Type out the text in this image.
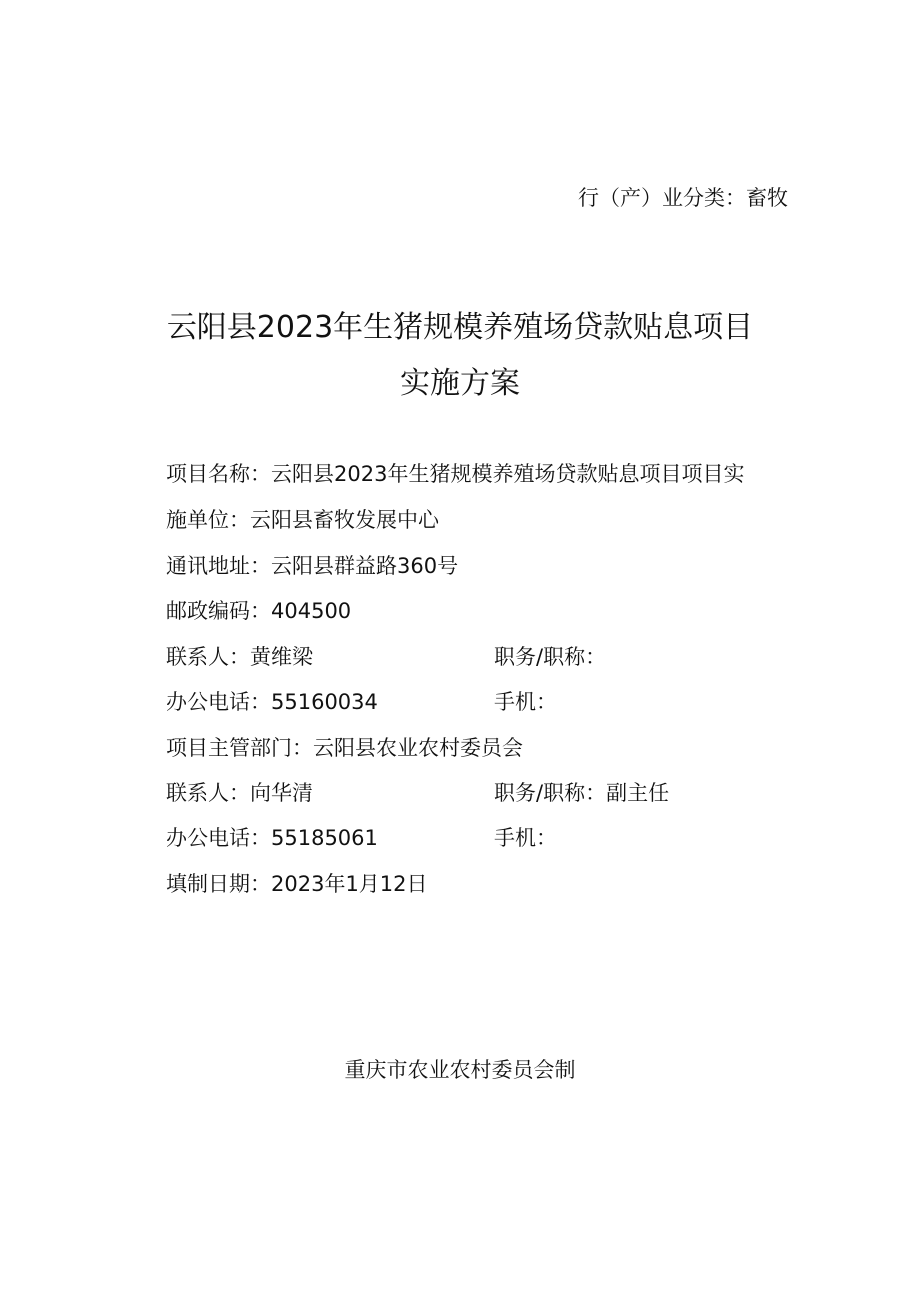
行（产）业分类：畜牧
云阳县2023年生猪规模养殖场贷款贴息项目
实施方案
项目名称：云阳县2023年生猪规模养殖场贷款贴息项目项目实
施单位：云阳县畜牧发展中心
通讯地址：云阳县群益路360号
邮政编码：404500
联系人：黄维梁	职务/职称：
办公电话：55160034	手机：
项目主管部门：云阳县农业农村委员会
联系人：向华清	职务/职称：副主任
办公电话：55185061	手机：
填制日期：2023年1月12日
重庆市农业农村委员会制
